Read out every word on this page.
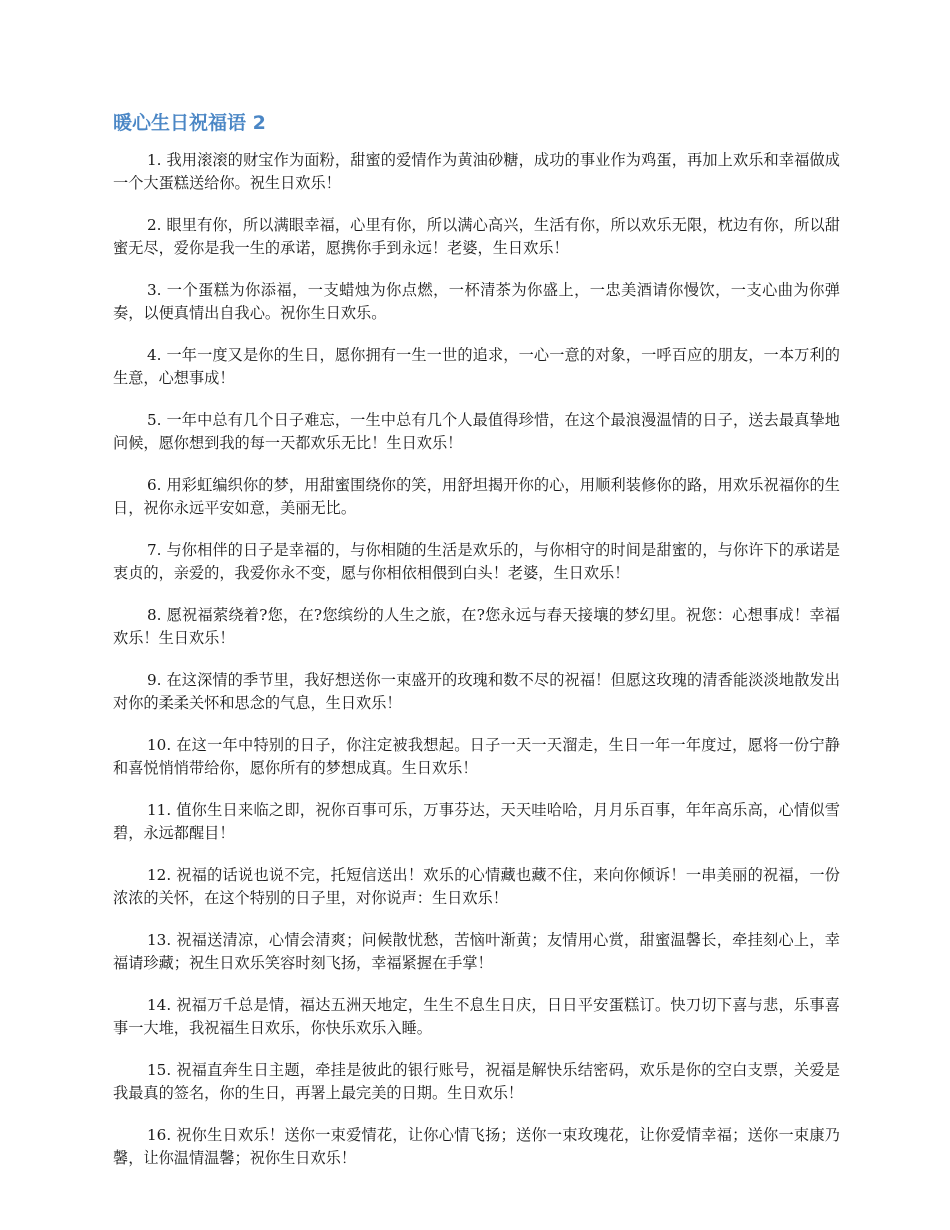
暖心生日祝福语 2

1. 我用滚滚的财宝作为面粉，甜蜜的爱情作为黄油砂糖，成功的事业作为鸡蛋，再加上欢乐和幸福做成一个大蛋糕送给你。祝生日欢乐！

2. 眼里有你，所以满眼幸福，心里有你，所以满心高兴，生活有你，所以欢乐无限，枕边有你，所以甜蜜无尽，爱你是我一生的承诺，愿携你手到永远！老婆，生日欢乐！

3. 一个蛋糕为你添福，一支蜡烛为你点燃，一杯清茶为你盛上，一忠美酒请你慢饮，一支心曲为你弹奏，以便真情出自我心。祝你生日欢乐。

4. 一年一度又是你的生日，愿你拥有一生一世的追求，一心一意的对象，一呼百应的朋友，一本万利的生意，心想事成！

5. 一年中总有几个日子难忘，一生中总有几个人最值得珍惜，在这个最浪漫温情的日子，送去最真挚地问候，愿你想到我的每一天都欢乐无比！生日欢乐！

6. 用彩虹编织你的梦，用甜蜜围绕你的笑，用舒坦揭开你的心，用顺利装修你的路，用欢乐祝福你的生日，祝你永远平安如意，美丽无比。

7. 与你相伴的日子是幸福的，与你相随的生活是欢乐的，与你相守的时间是甜蜜的，与你许下的承诺是衷贞的，亲爱的，我爱你永不变，愿与你相依相偎到白头！老婆，生日欢乐！

8. 愿祝福萦绕着?您，在?您缤纷的人生之旅，在?您永远与春天接壤的梦幻里。祝您：心想事成！幸福欢乐！生日欢乐！

9. 在这深情的季节里，我好想送你一束盛开的玫瑰和数不尽的祝福！但愿这玫瑰的清香能淡淡地散发出对你的柔柔关怀和思念的气息，生日欢乐！

10. 在这一年中特别的日子，你注定被我想起。日子一天一天溜走，生日一年一年度过，愿将一份宁静和喜悦悄悄带给你，愿你所有的梦想成真。生日欢乐！

11. 值你生日来临之即，祝你百事可乐，万事芬达，天天哇哈哈，月月乐百事，年年高乐高，心情似雪碧，永远都醒目！

12. 祝福的话说也说不完，托短信送出！欢乐的心情藏也藏不住，来向你倾诉！一串美丽的祝福，一份浓浓的关怀，在这个特别的日子里，对你说声：生日欢乐！

13. 祝福送清凉，心情会清爽；问候散忧愁，苦恼叶渐黄；友情用心赏，甜蜜温馨长，牵挂刻心上，幸福请珍藏；祝生日欢乐笑容时刻飞扬，幸福紧握在手掌！

14. 祝福万千总是情，福达五洲天地定，生生不息生日庆，日日平安蛋糕订。快刀切下喜与悲，乐事喜事一大堆，我祝福生日欢乐，你快乐欢乐入睡。

15. 祝福直奔生日主题，牵挂是彼此的银行账号，祝福是解快乐结密码，欢乐是你的空白支票，关爱是我最真的签名，你的生日，再署上最完美的日期。生日欢乐！

16. 祝你生日欢乐！送你一束爱情花，让你心情飞扬；送你一束玫瑰花，让你爱情幸福；送你一束康乃馨，让你温情温馨；祝你生日欢乐！
